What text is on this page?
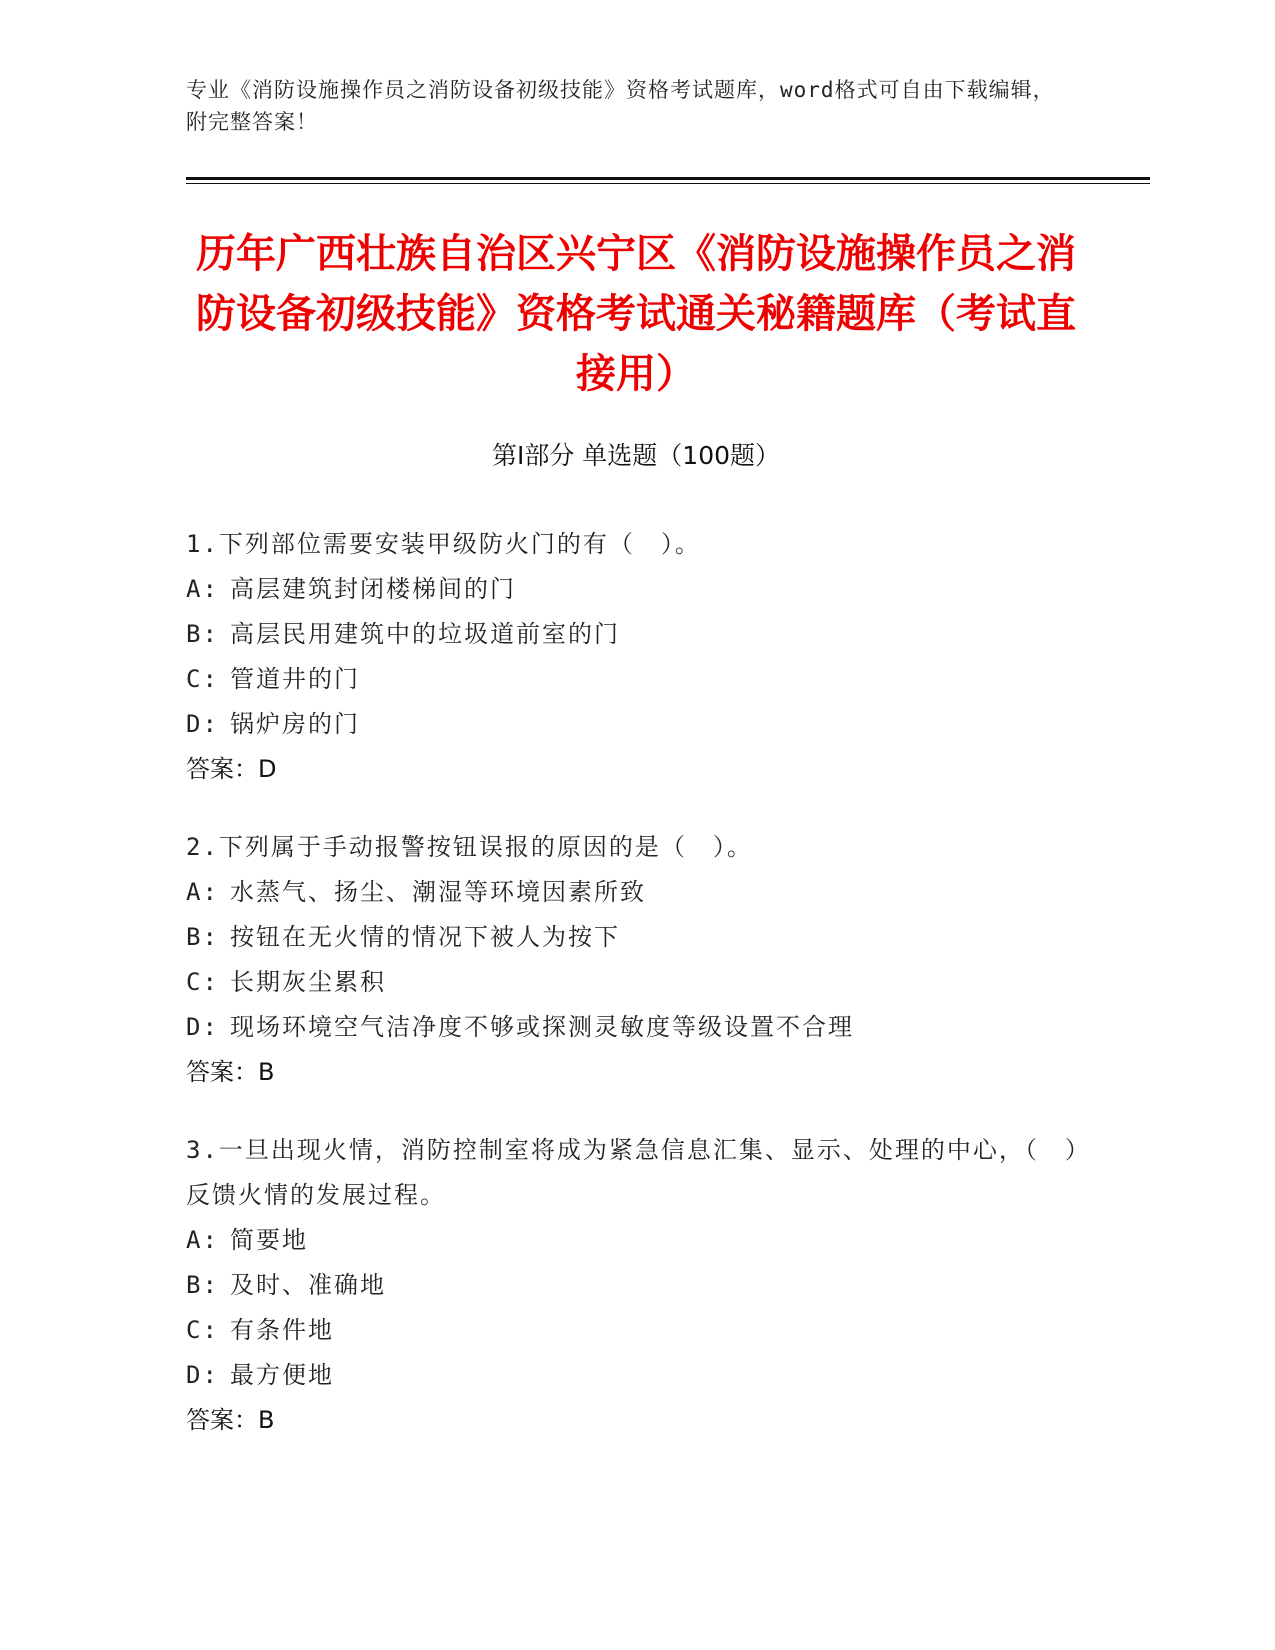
专业《消防设施操作员之消防设备初级技能》资格考试题库，word格式可自由下载编辑，附完整答案！
历年广西壮族自治区兴宁区《消防设施操作员之消防设备初级技能》资格考试通关秘籍题库（考试直接用）
第Ⅰ部分 单选题（100题）
1.下列部位需要安装甲级防火门的有（　）。
A: 高层建筑封闭楼梯间的门
B: 高层民用建筑中的垃圾道前室的门
C: 管道井的门
D: 锅炉房的门
答案：D
2.下列属于手动报警按钮误报的原因的是（　）。
A: 水蒸气、扬尘、潮湿等环境因素所致
B: 按钮在无火情的情况下被人为按下
C: 长期灰尘累积
D: 现场环境空气洁净度不够或探测灵敏度等级设置不合理
答案：B
3.一旦出现火情，消防控制室将成为紧急信息汇集、显示、处理的中心，（　）反馈火情的发展过程。
A: 简要地
B: 及时、准确地
C: 有条件地
D: 最方便地
答案：B
